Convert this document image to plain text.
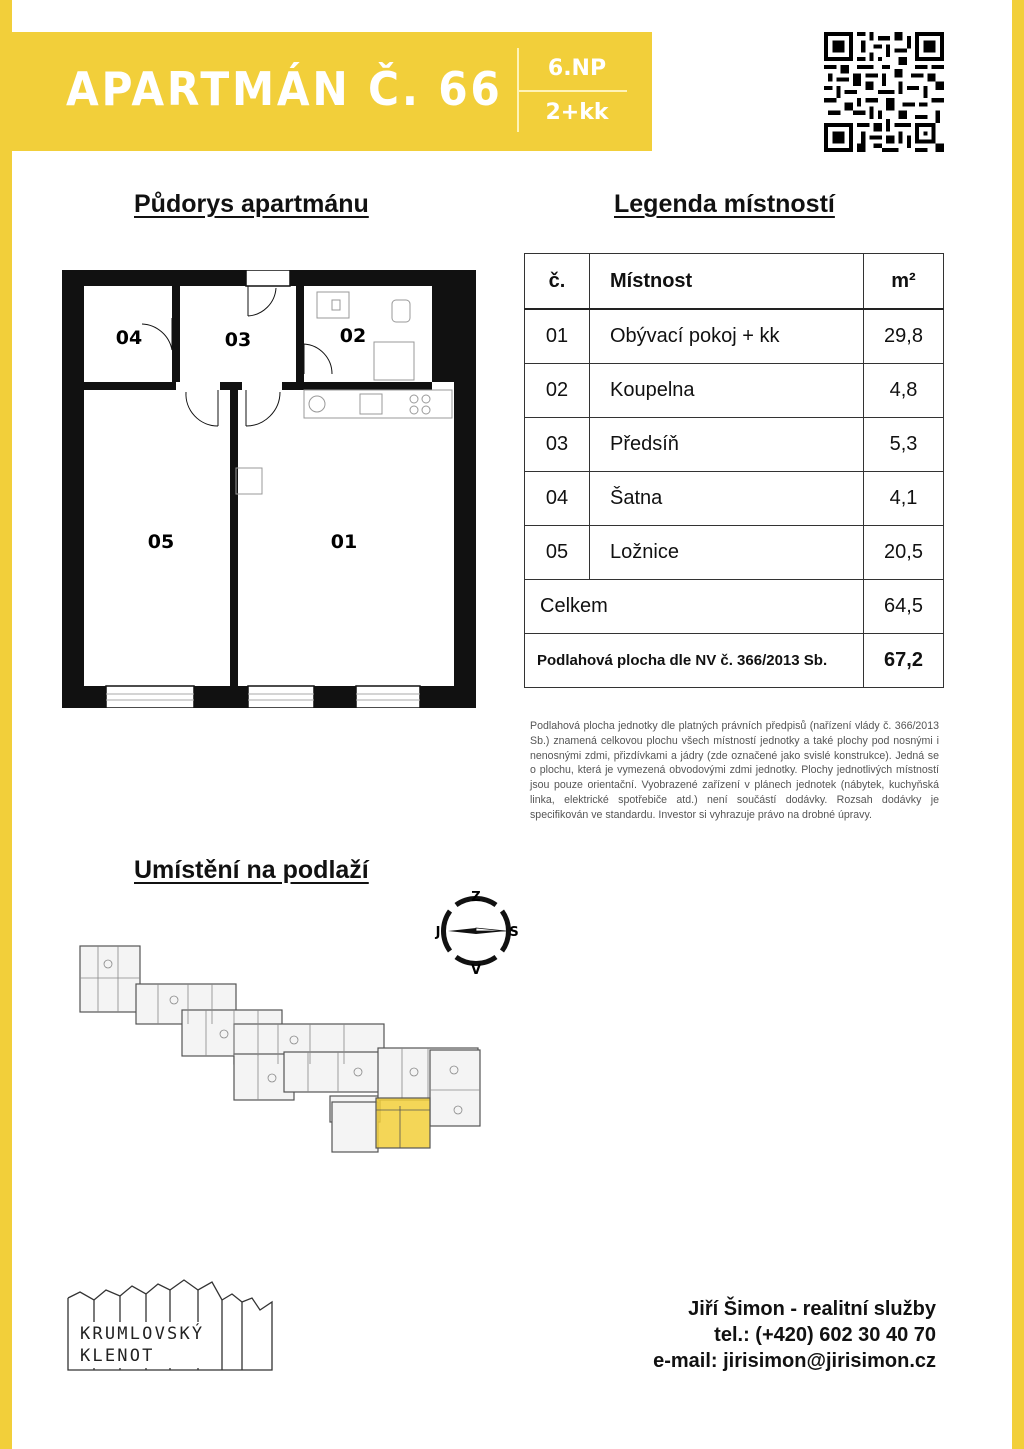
APARTMÁN Č. 66	6.NP
2+kk
Půdorys apartmánu	Legenda místností
Umístění na podlaží
04	03	02
05	01
č.	Místnost	m²
01	Obývací pokoj + kk	29,8
02	Koupelna	4,8
03	Předsíň	5,3
04	Šatna	4,1
05	Ložnice	20,5
Celkem		64,5
Podlahová plocha dle NV č. 366/2013 Sb.		67,2
Podlahová plocha jednotky dle platných právních předpisů (nařízení vlády č. 366/2013 Sb.) znamená celkovou plochu všech místností jednotky a také plochy pod nosnými i nenosnými zdmi, přizdívkami a jádry (zde označené jako svislé konstrukce). Jedná se o plochu, která je vymezená obvodovými zdmi jednotky. Plochy jednotlivých místností jsou pouze orientační. Vyobrazené zařízení v plánech jednotek (nábytek, kuchyňská linka, elektrické spotřebiče atd.) není součástí dodávky. Rozsah dodávky je specifikován ve standardu. Investor si vyhrazuje právo na drobné úpravy.
Z
S
V
J
KRUMLOVSKÝ
KLENOT
Jiří Šimon - realitní služby
tel.: (+420) 602 30 40 70
e-mail: jirisimon@jirisimon.cz
